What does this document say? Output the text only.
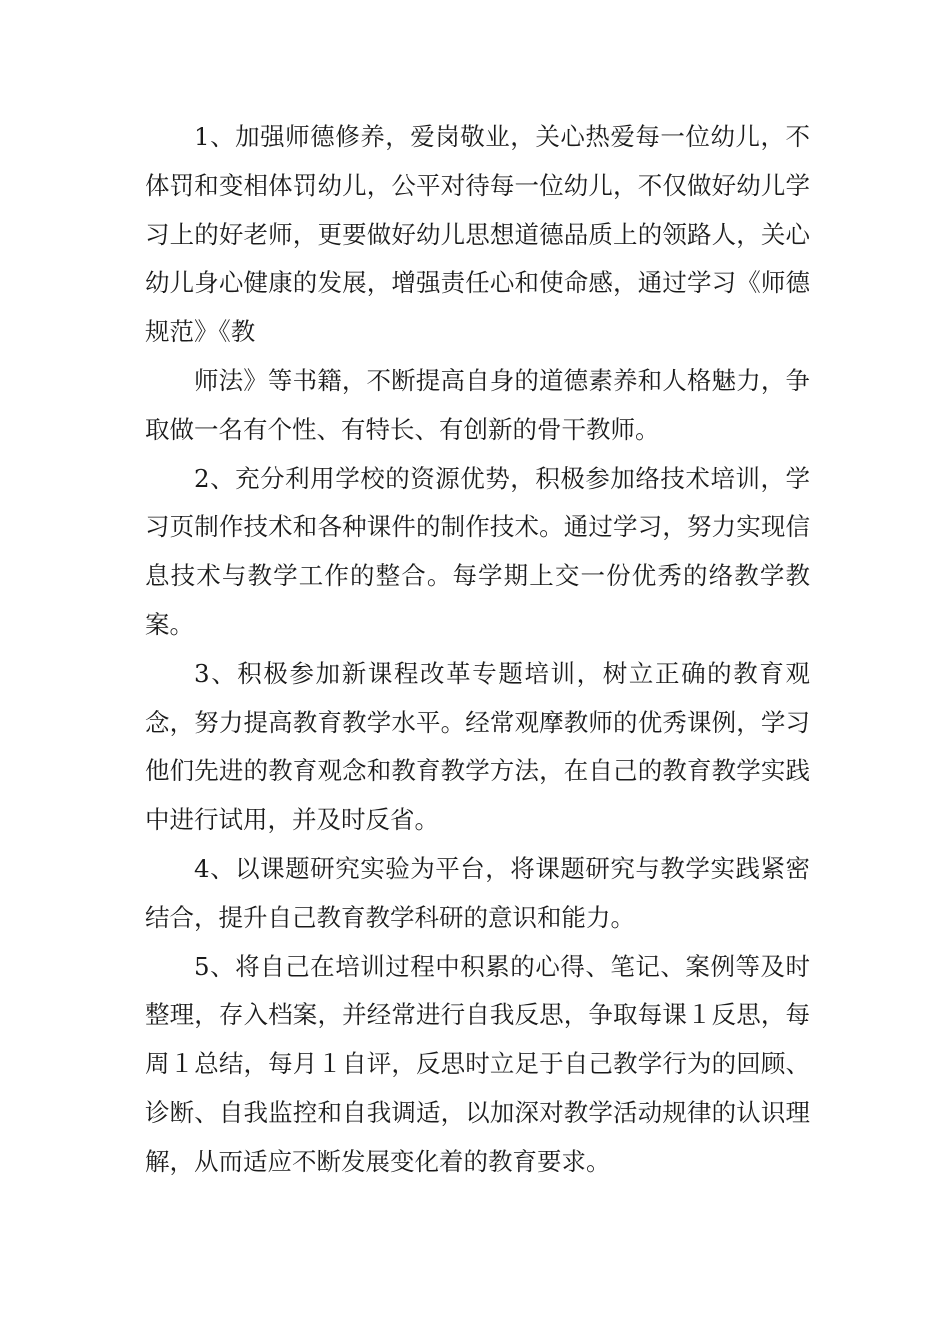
1、加强师德修养，爱岗敬业，关心热爱每一位幼儿，不体罚和变相体罚幼儿，公平对待每一位幼儿，不仅做好幼儿学习上的好老师，更要做好幼儿思想道德品质上的领路人，关心幼儿身心健康的发展，增强责任心和使命感，通过学习《师德规范》《教

师法》等书籍，不断提高自身的道德素养和人格魅力，争取做一名有个性、有特长、有创新的骨干教师。

2、充分利用学校的资源优势，积极参加络技术培训，学习页制作技术和各种课件的制作技术。通过学习，努力实现信息技术与教学工作的整合。每学期上交一份优秀的络教学教案。

3、积极参加新课程改革专题培训，树立正确的教育观念，努力提高教育教学水平。经常观摩教师的优秀课例，学习他们先进的教育观念和教育教学方法，在自己的教育教学实践中进行试用，并及时反省。

4、以课题研究实验为平台，将课题研究与教学实践紧密结合，提升自己教育教学科研的意识和能力。

5、将自己在培训过程中积累的心得、笔记、案例等及时整理，存入档案，并经常进行自我反思，争取每课１反思，每周１总结，每月１自评，反思时立足于自己教学行为的回顾、诊断、自我监控和自我调适，以加深对教学活动规律的认识理解，从而适应不断发展变化着的教育要求。
